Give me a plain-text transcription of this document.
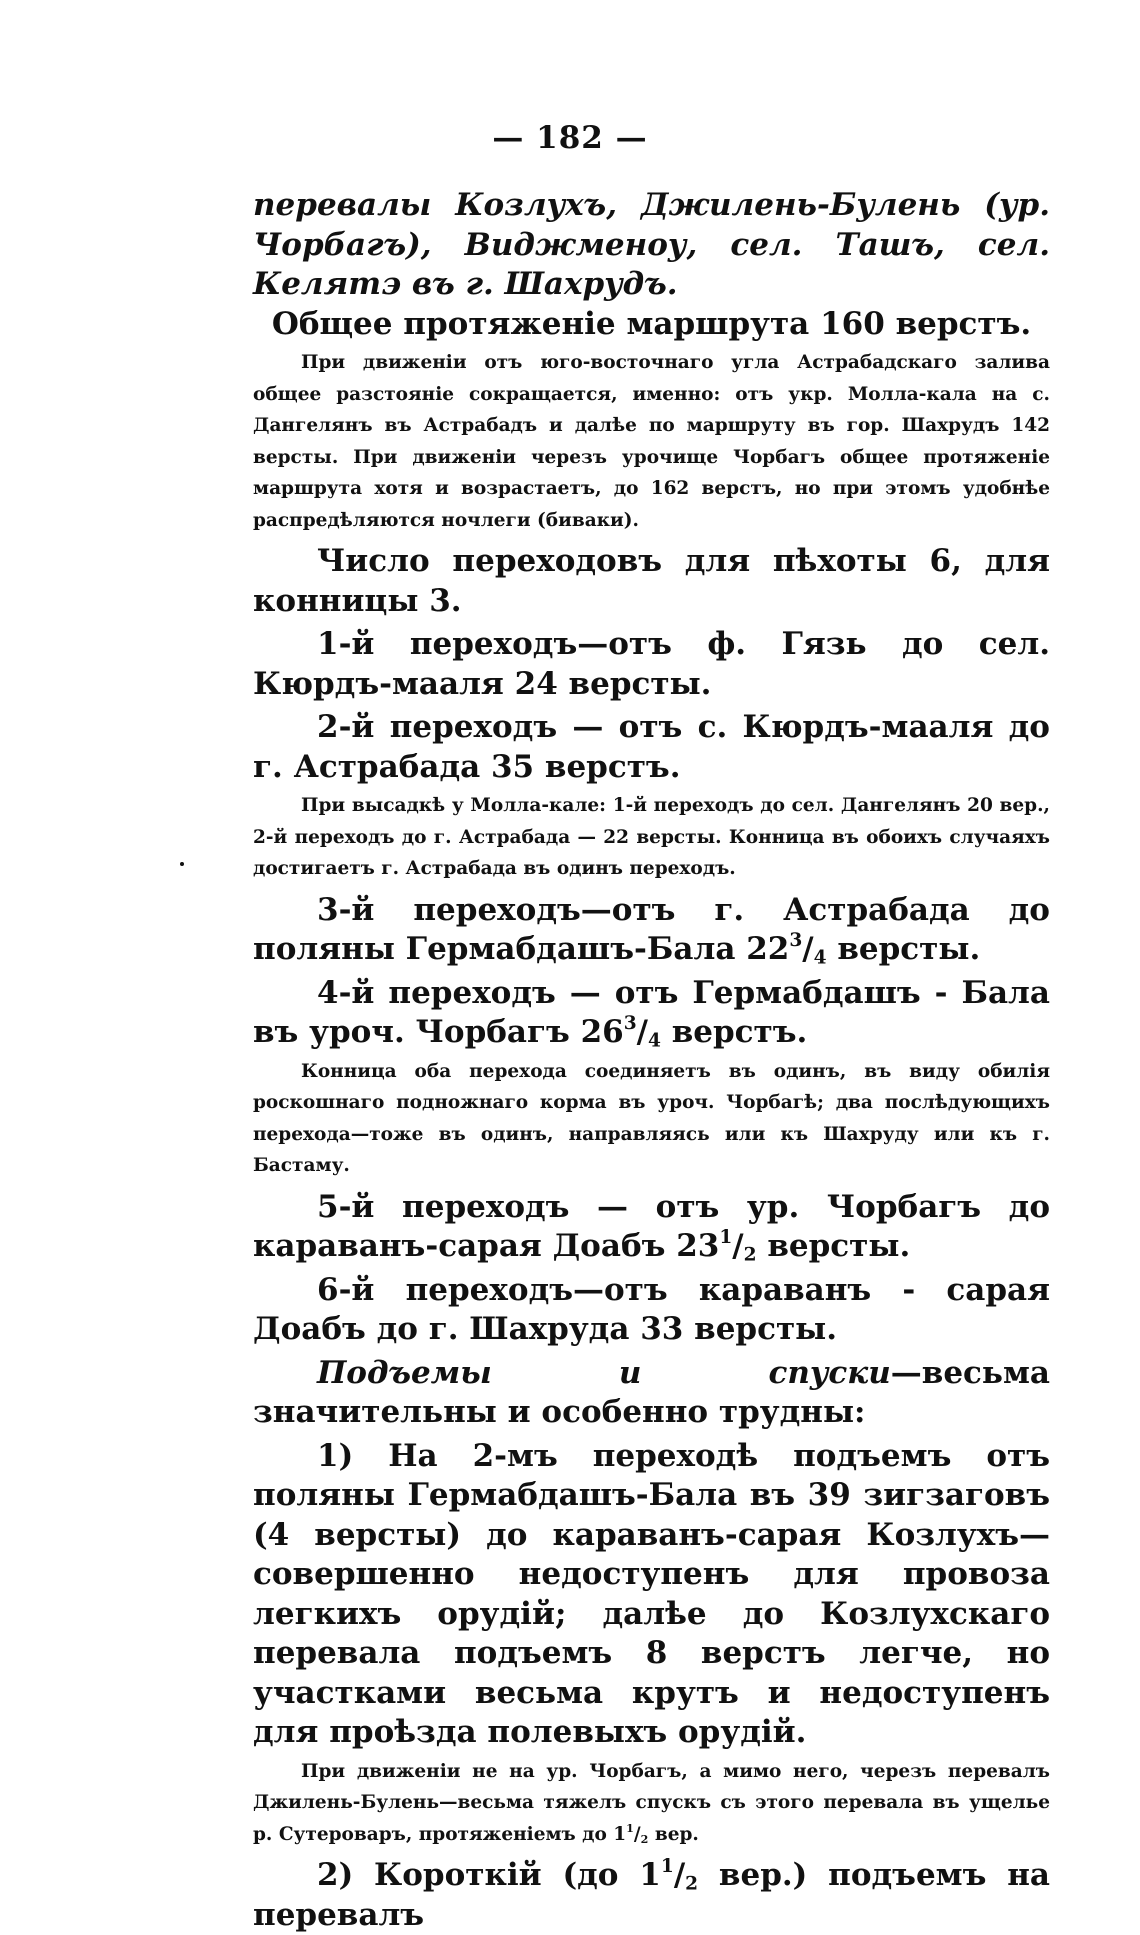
— 182 —

перевалы Козлухъ, Джилень-Булень (ур. Чорбагъ), Виджменоу, сел. Ташъ, сел. Келятэ въ г. Шахрудъ.

Общее протяженіе маршрута 160 верстъ.

При движеніи отъ юго-восточнаго угла Астрабадскаго залива общее разстояніе сокращается, именно: отъ укр. Молла-кала на с. Дангелянъ въ Астрабадъ и далѣе по маршруту въ гор. Шахрудъ 142 версты. При движеніи черезъ урочище Чорбагъ общее протяженіе маршрута хотя и возрастаетъ, до 162 верстъ, но при этомъ удобнѣе распредѣляются ночлеги (биваки).

Число переходовъ для пѣхоты 6, для конницы 3.

1-й переходъ—отъ ф. Гязь до сел. Кюрдъ-мааля 24 версты.

2-й переходъ — отъ с. Кюрдъ-мааля до г. Астрабада 35 верстъ.

При высадкѣ у Молла-кале: 1-й переходъ до сел. Дангелянъ 20 вер., 2-й переходъ до г. Астрабада — 22 версты. Конница въ обоихъ случаяхъ достигаетъ г. Астрабада въ одинъ переходъ.

3-й переходъ—отъ г. Астрабада до поляны Гермабдашъ-Бала $22^3/_4$ версты.

4-й переходъ — отъ Гермабдашъ - Бала въ уроч. Чорбагъ $26^3/_4$ верстъ.

Конница оба перехода соединяетъ въ одинъ, въ виду обилія роскошнаго подножнаго корма въ уроч. Чорбагѣ; два послѣдующихъ перехода—тоже въ одинъ, направляясь или къ Шахруду или къ г. Бастаму.

5-й переходъ — отъ ур. Чорбагъ до караванъ-сарая Доабъ $23^1/_2$ версты.

6-й переходъ—отъ караванъ - сарая Доабъ до г. Шахруда 33 версты.

Подъемы и спуски—весьма значительны и особенно трудны:

1) На 2-мъ переходѣ подъемъ отъ поляны Гермабдашъ-Бала въ 39 зигзаговъ (4 версты) до караванъ-сарая Козлухъ—совершенно недоступенъ для провоза легкихъ орудій; далѣе до Козлухскаго перевала подъемъ 8 верстъ легче, но участками весьма крутъ и недоступенъ для проѣзда полевыхъ орудій.

При движеніи не на ур. Чорбагъ, а мимо него, черезъ перевалъ Джилень-Булень—весьма тяжелъ спускъ съ этого перевала въ ущелье р. Сутероваръ, протяженіемъ до $1^1/_2$ вер.

2) Короткій (до $1^1/_2$ вер.) подъемъ на перевалъ
